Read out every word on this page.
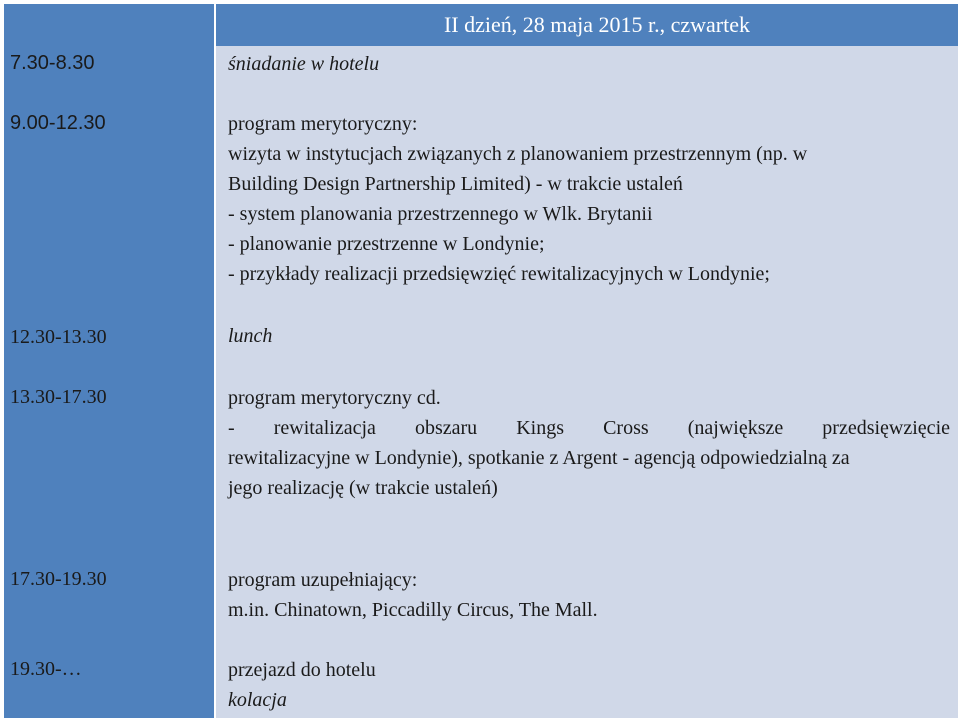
II dzień, 28 maja 2015 r., czwartek
7.30-8.30
9.00-12.30
12.30-13.30
13.30-17.30
17.30-19.30
19.30-…
śniadanie w hotelu
program merytoryczny:
wizyta w instytucjach związanych z planowaniem przestrzennym (np. w
Building Design Partnership Limited) - w trakcie ustaleń
- system planowania przestrzennego w Wlk. Brytanii
- planowanie przestrzenne w Londynie;
- przykłady realizacji przedsięwzięć rewitalizacyjnych w Londynie;
lunch
program merytoryczny cd.
- rewitalizacja obszaru Kings Cross (największe przedsięwzięcie
rewitalizacyjne w Londynie), spotkanie z Argent - agencją odpowiedzialną za
jego realizację (w trakcie ustaleń)
program uzupełniający:
m.in. Chinatown, Piccadilly Circus, The Mall.
przejazd do hotelu
kolacja
